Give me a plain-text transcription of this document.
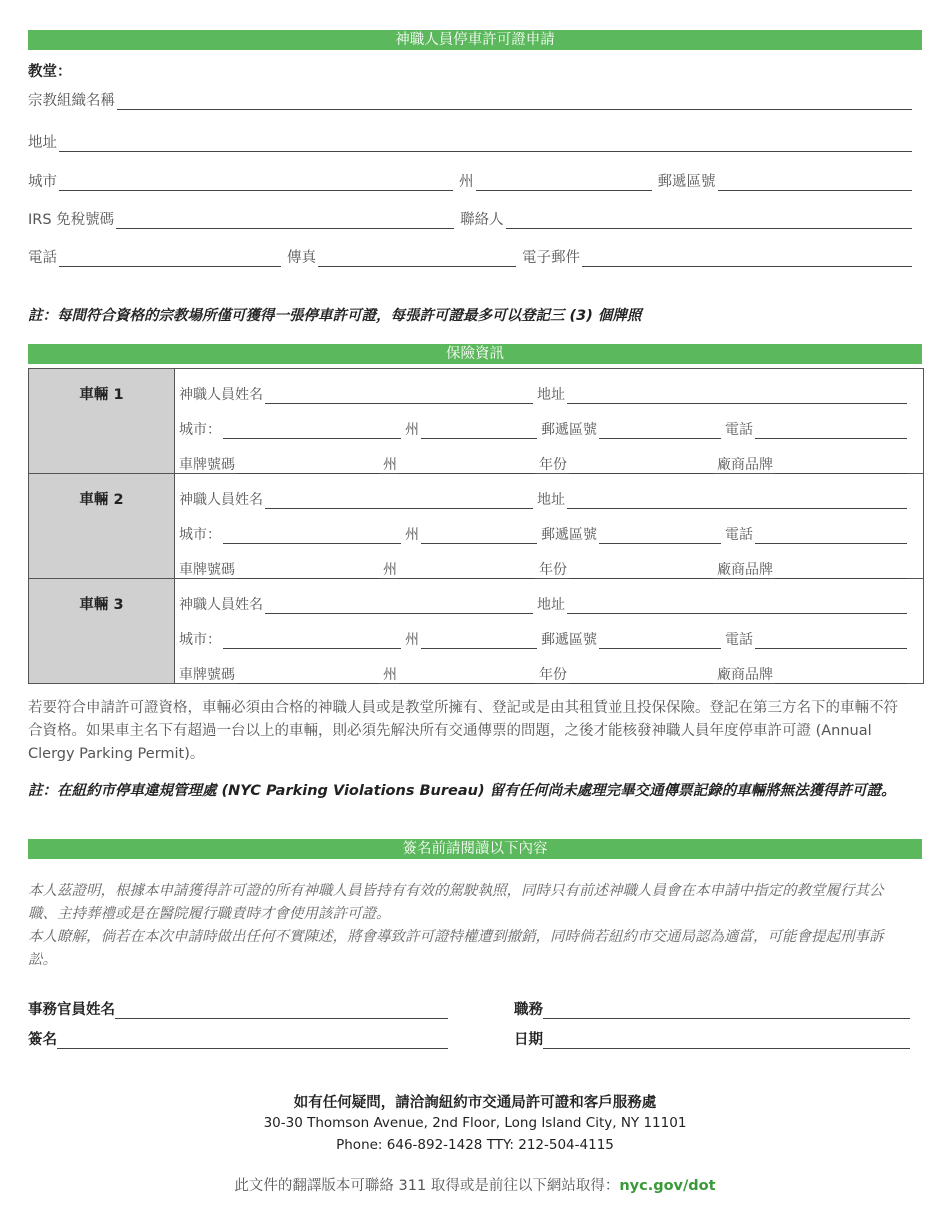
神職人員停車許可證申請
教堂：
宗教組織名稱
地址
城市	州	郵遞區號
IRS 免稅號碼	聯絡人
電話	傳真	電子郵件
註：每間符合資格的宗教場所僅可獲得一張停車許可證，每張許可證最多可以登記三 (3) 個牌照
保險資訊
車輛 1	神職人員姓名	地址
城市：	州	郵遞區號	電話
車牌號碼	州	年份	廠商品牌
車輛 2	神職人員姓名	地址
城市：	州	郵遞區號	電話
車牌號碼	州	年份	廠商品牌
車輛 3	神職人員姓名	地址
城市：	州	郵遞區號	電話
車牌號碼	州	年份	廠商品牌
若要符合申請許可證資格，車輛必須由合格的神職人員或是教堂所擁有、登記或是由其租賃並且投保保險。登記在第三方名下的車輛不符合資格。如果車主名下有超過一台以上的車輛，則必須先解決所有交通傳票的問題，之後才能核發神職人員年度停車許可證 (Annual Clergy Parking Permit)。
註：在紐約市停車違規管理處 (NYC Parking Violations Bureau) 留有任何尚未處理完畢交通傳票記錄的車輛將無法獲得許可證。
簽名前請閱讀以下內容
本人茲證明，根據本申請獲得許可證的所有神職人員皆持有有效的駕駛執照，同時只有前述神職人員會在本申請中指定的教堂履行其公職、主持葬禮或是在醫院履行職責時才會使用該許可證。
本人瞭解，倘若在本次申請時做出任何不實陳述，將會導致許可證特權遭到撤銷，同時倘若紐約市交通局認為適當，可能會提起刑事訴訟。
事務官員姓名	職務
簽名	日期
如有任何疑問，請洽詢紐約市交通局許可證和客戶服務處
30-30 Thomson Avenue, 2nd Floor, Long Island City, NY 11101
Phone: 646-892-1428 TTY: 212-504-4115
此文件的翻譯版本可聯絡 311 取得或是前往以下網站取得：nyc.gov/dot
